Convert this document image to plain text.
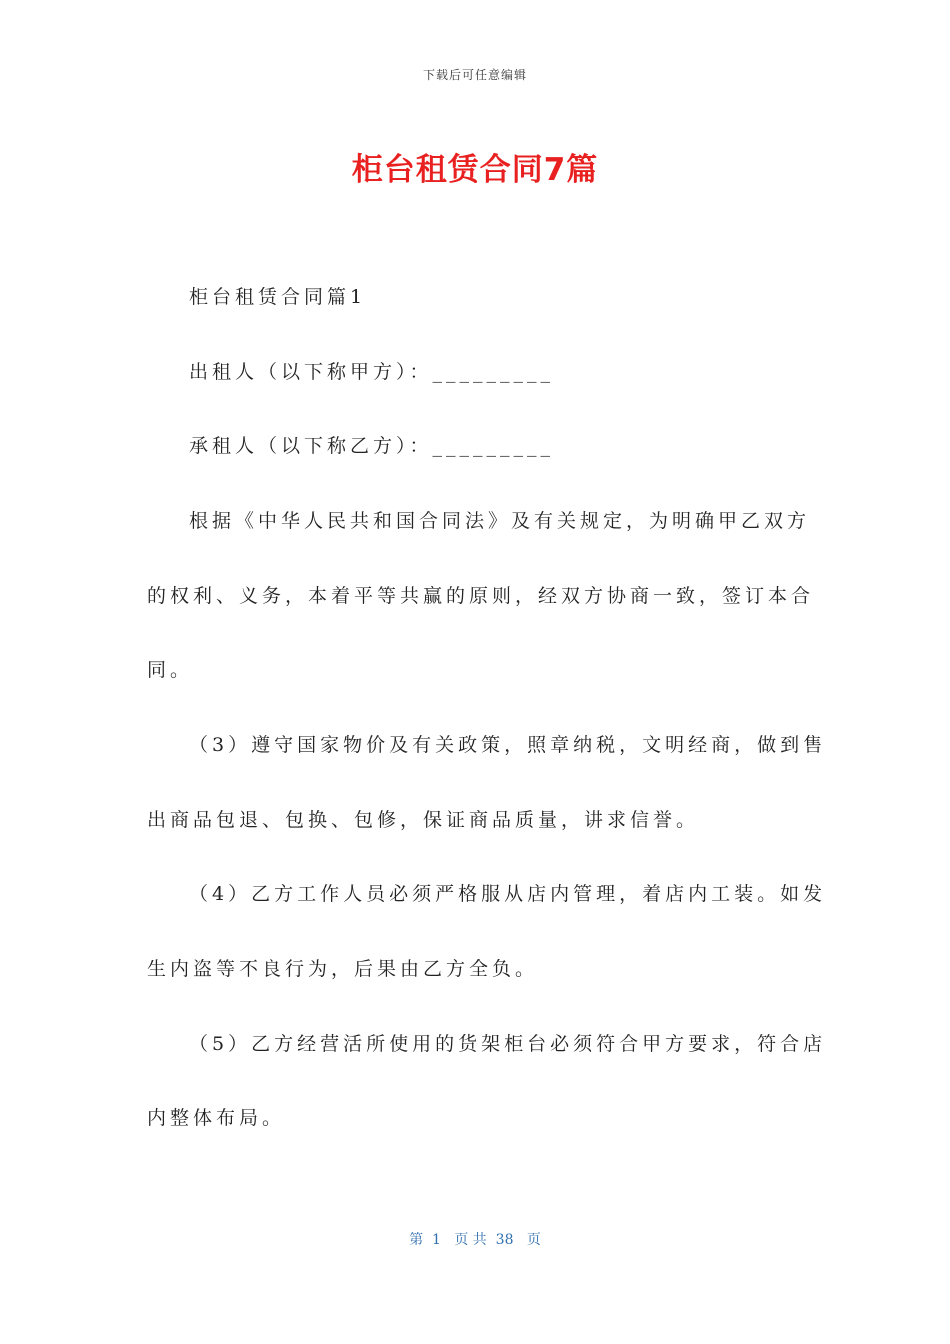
下载后可任意编辑
柜台租赁合同7篇
柜台租赁合同篇1
出租人（以下称甲方）：_________
承租人（以下称乙方）：_________
根据《中华人民共和国合同法》及有关规定，为明确甲乙双方
的权利、义务，本着平等共赢的原则，经双方协商一致，签订本合
同。
（3）遵守国家物价及有关政策，照章纳税，文明经商，做到售
出商品包退、包换、包修，保证商品质量，讲求信誉。
（4）乙方工作人员必须严格服从店内管理，着店内工装。如发
生内盗等不良行为，后果由乙方全负。
（5）乙方经营活所使用的货架柜台必须符合甲方要求，符合店
内整体布局。
第  1   页 共  38   页
